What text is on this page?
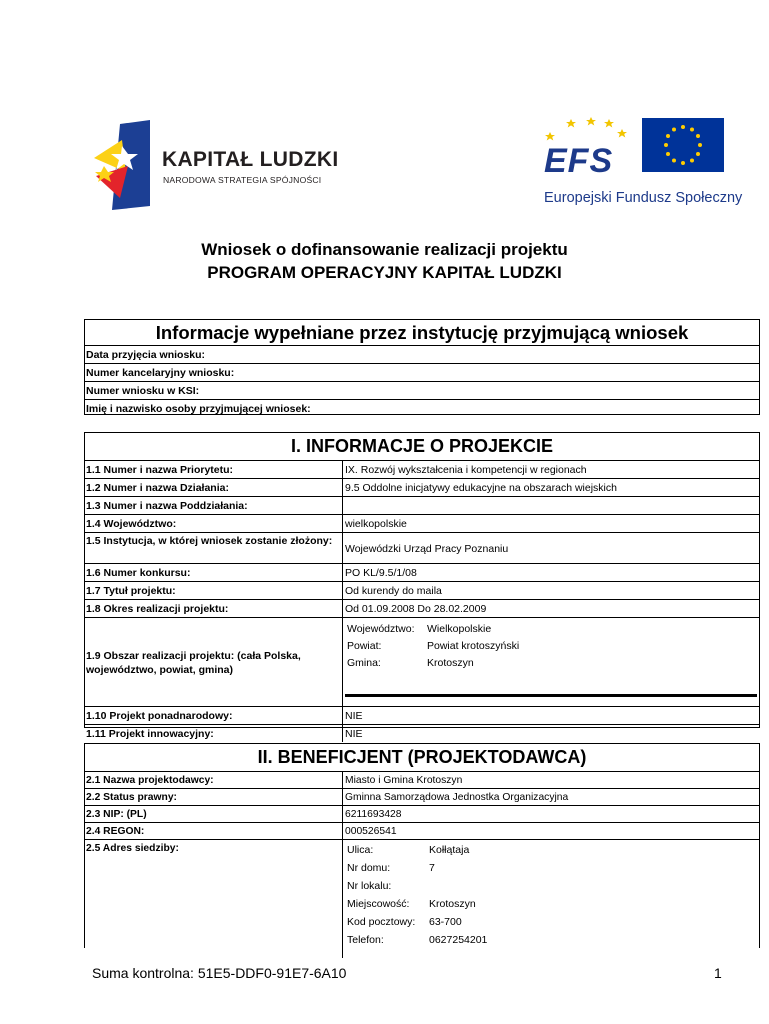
KAPITAŁ LUDZKI
NARODOWA STRATEGIA SPÓJNOŚCI	EFS
Europejski Fundusz Społeczny
Wniosek o dofinansowanie realizacji projektu
PROGRAM OPERACYJNY KAPITAŁ LUDZKI
Informacje wypełniane przez instytucję przyjmującą wniosek
Data przyjęcia wniosku:
Numer kancelaryjny wniosku:
Numer wniosku w KSI:
Imię i nazwisko osoby przyjmującej wniosek:
I. INFORMACJE O PROJEKCIE
1.1 Numer i nazwa Priorytetu:	IX. Rozwój wykształcenia i kompetencji w regionach
1.2 Numer i nazwa Działania:	9.5 Oddolne inicjatywy edukacyjne na obszarach wiejskich
1.3 Numer i nazwa Poddziałania:
1.4 Województwo:	wielkopolskie
1.5 Instytucja, w której wniosek zostanie złożony:
Wojewódzki Urząd Pracy Poznaniu
1.6 Numer konkursu:	PO KL/9.5/1/08
1.7 Tytuł projektu:	Od kurendy do maila
1.8 Okres realizacji projektu:	Od 01.09.2008 Do 28.02.2009
1.9 Obszar realizacji projektu: (cała Polska, województwo, powiat, gmina)
Województwo:	Wielkopolskie
Powiat:	Powiat krotoszyński
Gmina:	Krotoszyn
1.10 Projekt ponadnarodowy:	NIE
1.11 Projekt innowacyjny:	NIE
II. BENEFICJENT (PROJEKTODAWCA)
2.1 Nazwa projektodawcy:	Miasto i Gmina Krotoszyn
2.2 Status prawny:	Gminna Samorządowa Jednostka Organizacyjna
2.3 NIP: (PL)	6211693428
2.4 REGON:	000526541
2.5 Adres siedziby:	Ulica:	Kołłątaja
Nr domu:	7
Nr lokalu:
Miejscowość:	Krotoszyn
Kod pocztowy:	63-700
Telefon:	0627254201
Suma kontrolna: 51E5-DDF0-91E7-6A10	1
